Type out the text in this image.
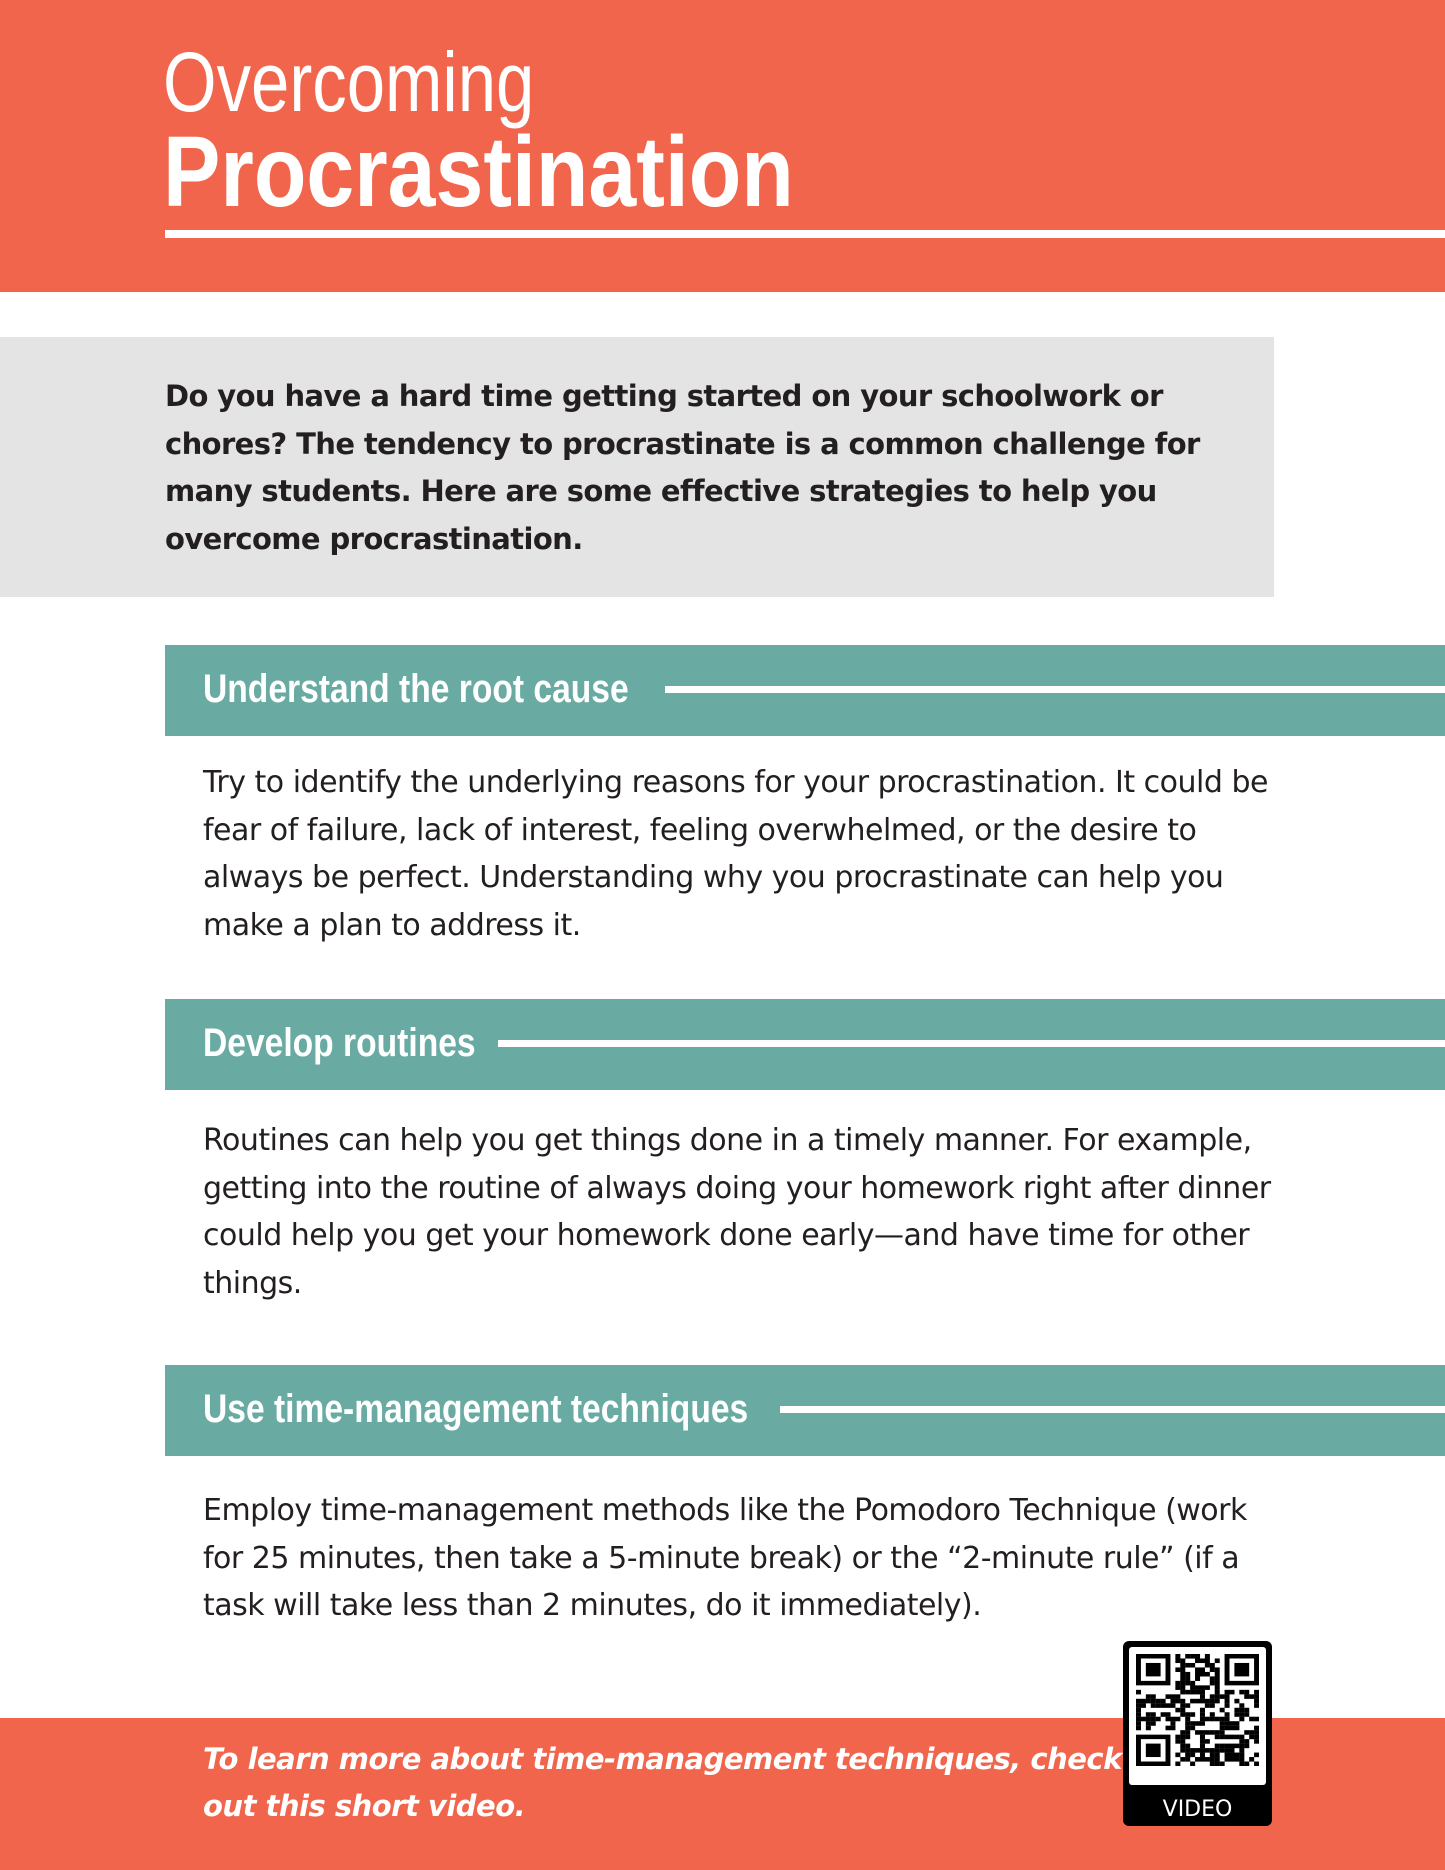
Overcoming
Procrastination

Do you have a hard time getting started on your schoolwork or chores? The tendency to procrastinate is a common challenge for many students. Here are some effective strategies to help you overcome procrastination.

Understand the root cause

Try to identify the underlying reasons for your procrastination. It could be fear of failure, lack of interest, feeling overwhelmed, or the desire to always be perfect. Understanding why you procrastinate can help you make a plan to address it.

Develop routines

Routines can help you get things done in a timely manner. For example, getting into the routine of always doing your homework right after dinner could help you get your homework done early—and have time for other things.

Use time-management techniques

Employ time-management methods like the Pomodoro Technique (work for 25 minutes, then take a 5-minute break) or the “2-minute rule” (if a task will take less than 2 minutes, do it immediately).

To learn more about time-management techniques, check out this short video.	VIDEO
